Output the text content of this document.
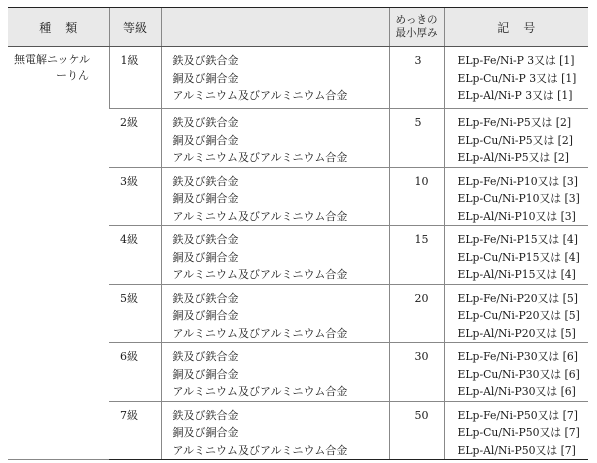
種類	等級		めっきの
最小厚み	記号

無電解ニッケル
ーりん	1級	鉄及び鉄合金
銅及び銅合金
アルミニウム及びアルミニウム合金	3	ELp-Fe/Ni-P 3又は [1]
ELp-Cu/Ni-P 3又は [1]
ELp-Al/Ni-P 3又は [1]

	2級	鉄及び鉄合金
銅及び銅合金
アルミニウム及びアルミニウム合金	5	ELp-Fe/Ni-P5又は [2]
ELp-Cu/Ni-P5又は [2]
ELp-Al/Ni-P5又は [2]

	3級	鉄及び鉄合金
銅及び銅合金
アルミニウム及びアルミニウム合金	10	ELp-Fe/Ni-P10又は [3]
ELp-Cu/Ni-P10又は [3]
ELp-Al/Ni-P10又は [3]

	4級	鉄及び鉄合金
銅及び銅合金
アルミニウム及びアルミニウム合金	15	ELp-Fe/Ni-P15又は [4]
ELp-Cu/Ni-P15又は [4]
ELp-Al/Ni-P15又は [4]

	5級	鉄及び鉄合金
銅及び銅合金
アルミニウム及びアルミニウム合金	20	ELp-Fe/Ni-P20又は [5]
ELp-Cu/Ni-P20又は [5]
ELp-Al/Ni-P20又は [5]

	6級	鉄及び鉄合金
銅及び銅合金
アルミニウム及びアルミニウム合金	30	ELp-Fe/Ni-P30又は [6]
ELp-Cu/Ni-P30又は [6]
ELp-Al/Ni-P30又は [6]

	7級	鉄及び鉄合金
銅及び銅合金
アルミニウム及びアルミニウム合金	50	ELp-Fe/Ni-P50又は [7]
ELp-Cu/Ni-P50又は [7]
ELp-Al/Ni-P50又は [7]
